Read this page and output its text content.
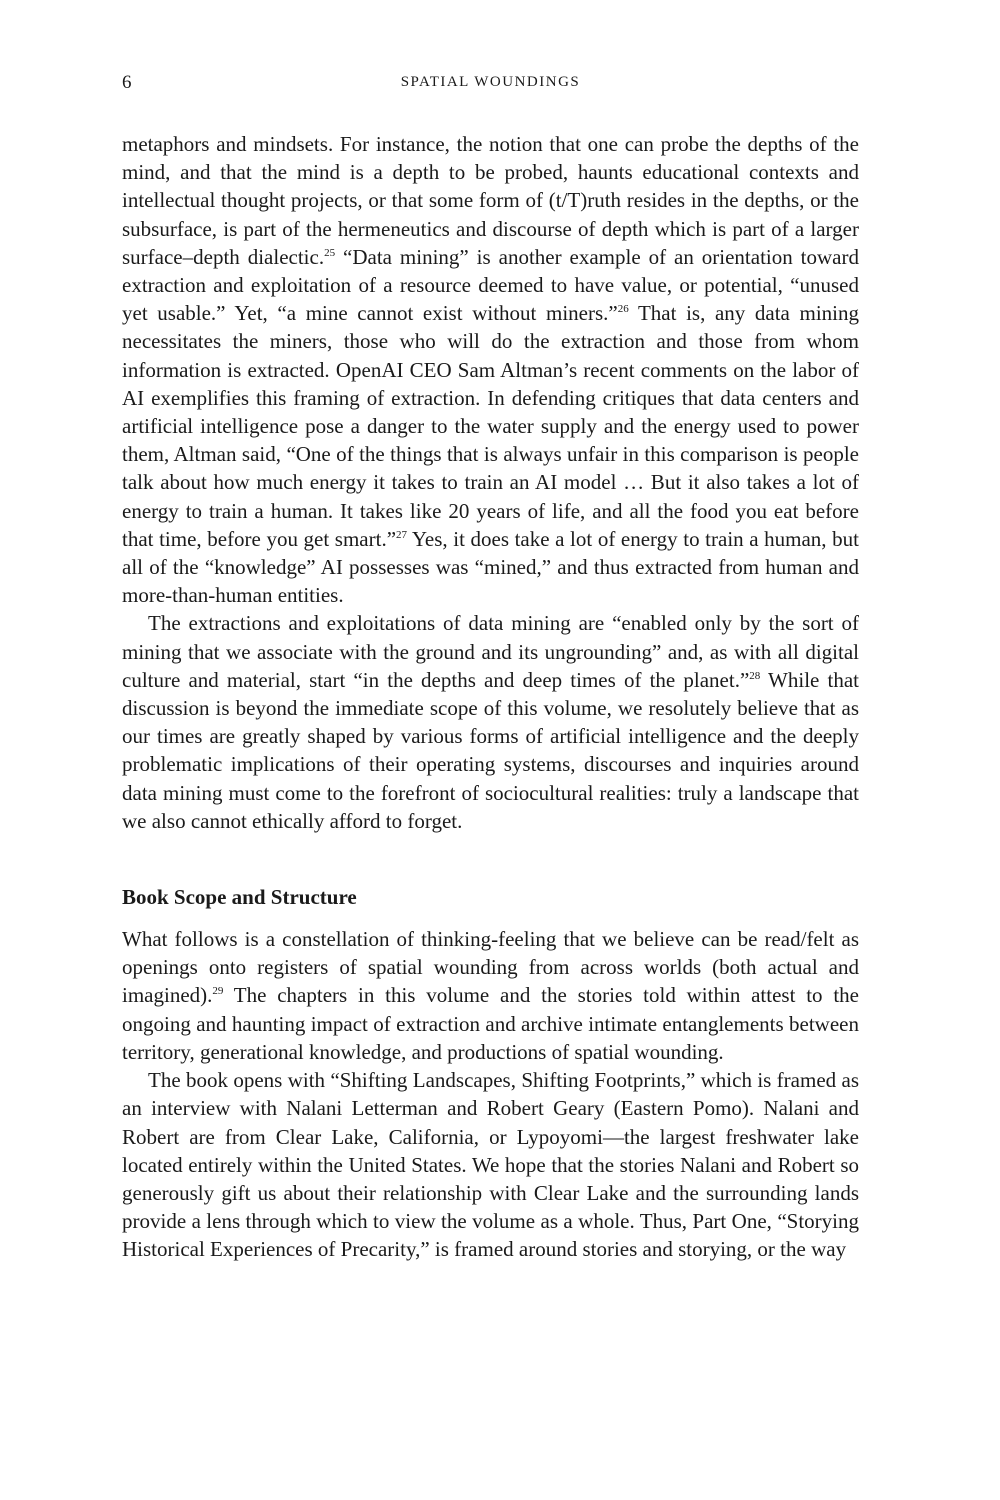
6	SPATIAL WOUNDINGS

metaphors and mindsets. For instance, the notion that one can probe the depths of the mind, and that the mind is a depth to be probed, haunts educational contexts and intellectual thought projects, or that some form of (t/T)ruth resides in the depths, or the subsurface, is part of the hermeneutics and discourse of depth which is part of a larger surface–depth dialectic.$^{25}$ “Data mining” is another example of an orientation toward extraction and exploitation of a resource deemed to have value, or potential, “unused yet usable.” Yet, “a mine cannot exist without miners.”$^{26}$ That is, any data mining necessitates the miners, those who will do the extraction and those from whom information is extracted. OpenAI CEO Sam Altman’s recent comments on the labor of AI exemplifies this framing of extraction. In defending critiques that data centers and artificial intelligence pose a danger to the water supply and the energy used to power them, Altman said, “One of the things that is always unfair in this comparison is people talk about how much energy it takes to train an AI model … But it also takes a lot of energy to train a human. It takes like 20 years of life, and all the food you eat before that time, before you get smart.”$^{27}$ Yes, it does take a lot of energy to train a human, but all of the “knowledge” AI possesses was “mined,” and thus extracted from human and more-than-human entities.

The extractions and exploitations of data mining are “enabled only by the sort of mining that we associate with the ground and its ungrounding” and, as with all digital culture and material, start “in the depths and deep times of the planet.”$^{28}$ While that discussion is beyond the immediate scope of this volume, we resolutely believe that as our times are greatly shaped by various forms of artificial intelligence and the deeply problematic implications of their operating systems, discourses and inquiries around data mining must come to the forefront of sociocultural realities: truly a landscape that we also cannot ethically afford to forget.

Book Scope and Structure

What follows is a constellation of thinking-feeling that we believe can be read/felt as openings onto registers of spatial wounding from across worlds (both actual and imagined).$^{29}$ The chapters in this volume and the stories told within attest to the ongoing and haunting impact of extraction and archive intimate entanglements between territory, generational knowledge, and productions of spatial wounding.

The book opens with “Shifting Landscapes, Shifting Footprints,” which is framed as an interview with Nalani Letterman and Robert Geary (Eastern Pomo). Nalani and Robert are from Clear Lake, California, or Lypoyomi—the largest freshwater lake located entirely within the United States. We hope that the stories Nalani and Robert so generously gift us about their relationship with Clear Lake and the surrounding lands provide a lens through which to view the volume as a whole. Thus, Part One, “Storying Historical Experiences of Precarity,” is framed around stories and storying, or the way
